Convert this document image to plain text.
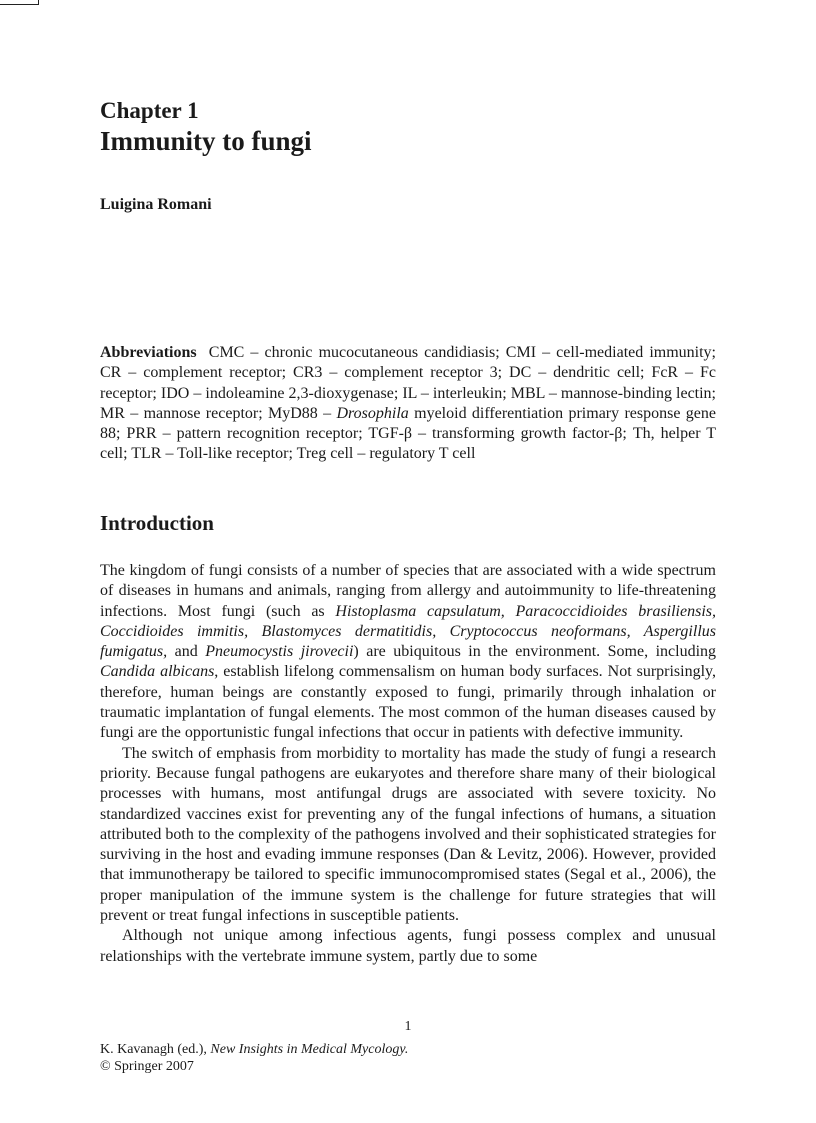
Chapter 1
Immunity to fungi
Luigina Romani

Abbreviations CMC – chronic mucocutaneous candidiasis; CMI – cell-mediated immunity; CR – complement receptor; CR3 – complement receptor 3; DC – dendritic cell; FcR – Fc receptor; IDO – indoleamine 2,3-dioxygenase; IL – interleukin; MBL – mannose-binding lectin; MR – mannose receptor; MyD88 – Drosophila myeloid differentiation primary response gene 88; PRR – pattern recognition receptor; TGF-β – transforming growth factor-β; Th, helper T cell; TLR – Toll-like receptor; Treg cell – regulatory T cell

Introduction

The kingdom of fungi consists of a number of species that are associated with a wide spectrum of diseases in humans and animals, ranging from allergy and autoimmunity to life-threatening infections. Most fungi (such as Histoplasma capsulatum, Paracoccidioides brasiliensis, Coccidioides immitis, Blastomyces dermatitidis, Cryptococcus neoformans, Aspergillus fumigatus, and Pneumocystis jirovecii) are ubiquitous in the environment. Some, including Candida albicans, establish lifelong commensalism on human body surfaces. Not surprisingly, therefore, human beings are constantly exposed to fungi, primarily through inhalation or traumatic implantation of fungal elements. The most common of the human diseases caused by fungi are the opportunistic fungal infections that occur in patients with defective immunity.

The switch of emphasis from morbidity to mortality has made the study of fungi a research priority. Because fungal pathogens are eukaryotes and therefore share many of their biological processes with humans, most antifungal drugs are associated with severe toxicity. No standardized vaccines exist for preventing any of the fungal infections of humans, a situation attributed both to the complexity of the pathogens involved and their sophisticated strategies for surviving in the host and evading immune responses (Dan & Levitz, 2006). However, provided that immunotherapy be tailored to specific immunocompromised states (Segal et al., 2006), the proper manipulation of the immune system is the challenge for future strategies that will prevent or treat fungal infections in susceptible patients.

Although not unique among infectious agents, fungi possess complex and unusual relationships with the vertebrate immune system, partly due to some

1
K. Kavanagh (ed.), New Insights in Medical Mycology.
© Springer 2007
